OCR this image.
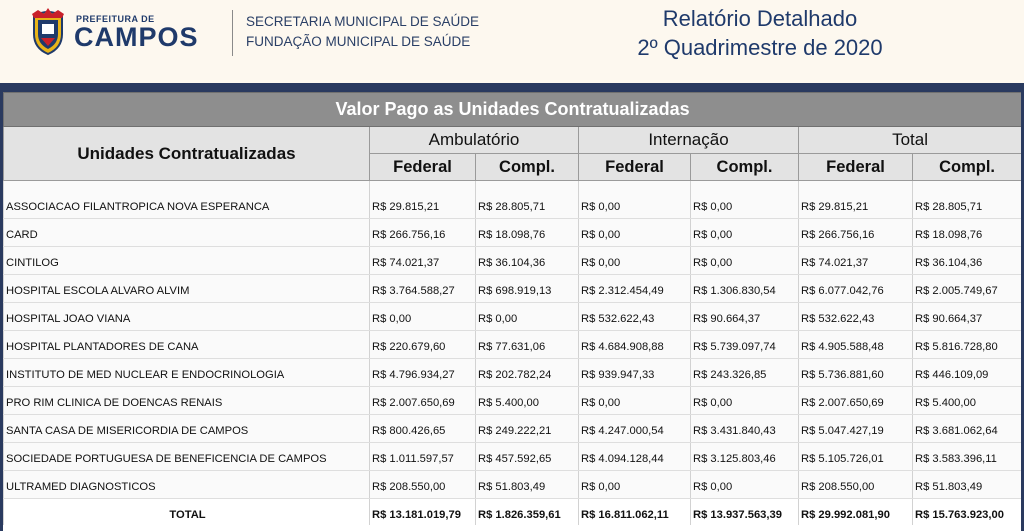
PREFEITURA DE
CAMPOS
SECRETARIA MUNICIPAL DE SAÚDE
FUNDAÇÃO MUNICIPAL DE SAÚDE
Relatório Detalhado
2º Quadrimestre de 2020
Valor Pago as Unidades Contratualizadas						
Unidades Contratualizadas	Ambulatório		Internação		Total	
	Federal	Compl.	Federal	Compl.	Federal	Compl.
ASSOCIACAO FILANTROPICA NOVA ESPERANCA	R$ 29.815,21	R$ 28.805,71	R$ 0,00	R$ 0,00	R$ 29.815,21	R$ 28.805,71
CARD	R$ 266.756,16	R$ 18.098,76	R$ 0,00	R$ 0,00	R$ 266.756,16	R$ 18.098,76
CINTILOG	R$ 74.021,37	R$ 36.104,36	R$ 0,00	R$ 0,00	R$ 74.021,37	R$ 36.104,36
HOSPITAL ESCOLA ALVARO ALVIM	R$ 3.764.588,27	R$ 698.919,13	R$ 2.312.454,49	R$ 1.306.830,54	R$ 6.077.042,76	R$ 2.005.749,67
HOSPITAL JOAO VIANA	R$ 0,00	R$ 0,00	R$ 532.622,43	R$ 90.664,37	R$ 532.622,43	R$ 90.664,37
HOSPITAL PLANTADORES DE CANA	R$ 220.679,60	R$ 77.631,06	R$ 4.684.908,88	R$ 5.739.097,74	R$ 4.905.588,48	R$ 5.816.728,80
INSTITUTO DE MED NUCLEAR E ENDOCRINOLOGIA	R$ 4.796.934,27	R$ 202.782,24	R$ 939.947,33	R$ 243.326,85	R$ 5.736.881,60	R$ 446.109,09
PRO RIM CLINICA DE DOENCAS RENAIS	R$ 2.007.650,69	R$ 5.400,00	R$ 0,00	R$ 0,00	R$ 2.007.650,69	R$ 5.400,00
SANTA CASA DE MISERICORDIA DE CAMPOS	R$ 800.426,65	R$ 249.222,21	R$ 4.247.000,54	R$ 3.431.840,43	R$ 5.047.427,19	R$ 3.681.062,64
SOCIEDADE PORTUGUESA DE BENEFICENCIA DE CAMPOS	R$ 1.011.597,57	R$ 457.592,65	R$ 4.094.128,44	R$ 3.125.803,46	R$ 5.105.726,01	R$ 3.583.396,11
ULTRAMED DIAGNOSTICOS	R$ 208.550,00	R$ 51.803,49	R$ 0,00	R$ 0,00	R$ 208.550,00	R$ 51.803,49
TOTAL	R$ 13.181.019,79	R$ 1.826.359,61	R$ 16.811.062,11	R$ 13.937.563,39	R$ 29.992.081,90	R$ 15.763.923,00
